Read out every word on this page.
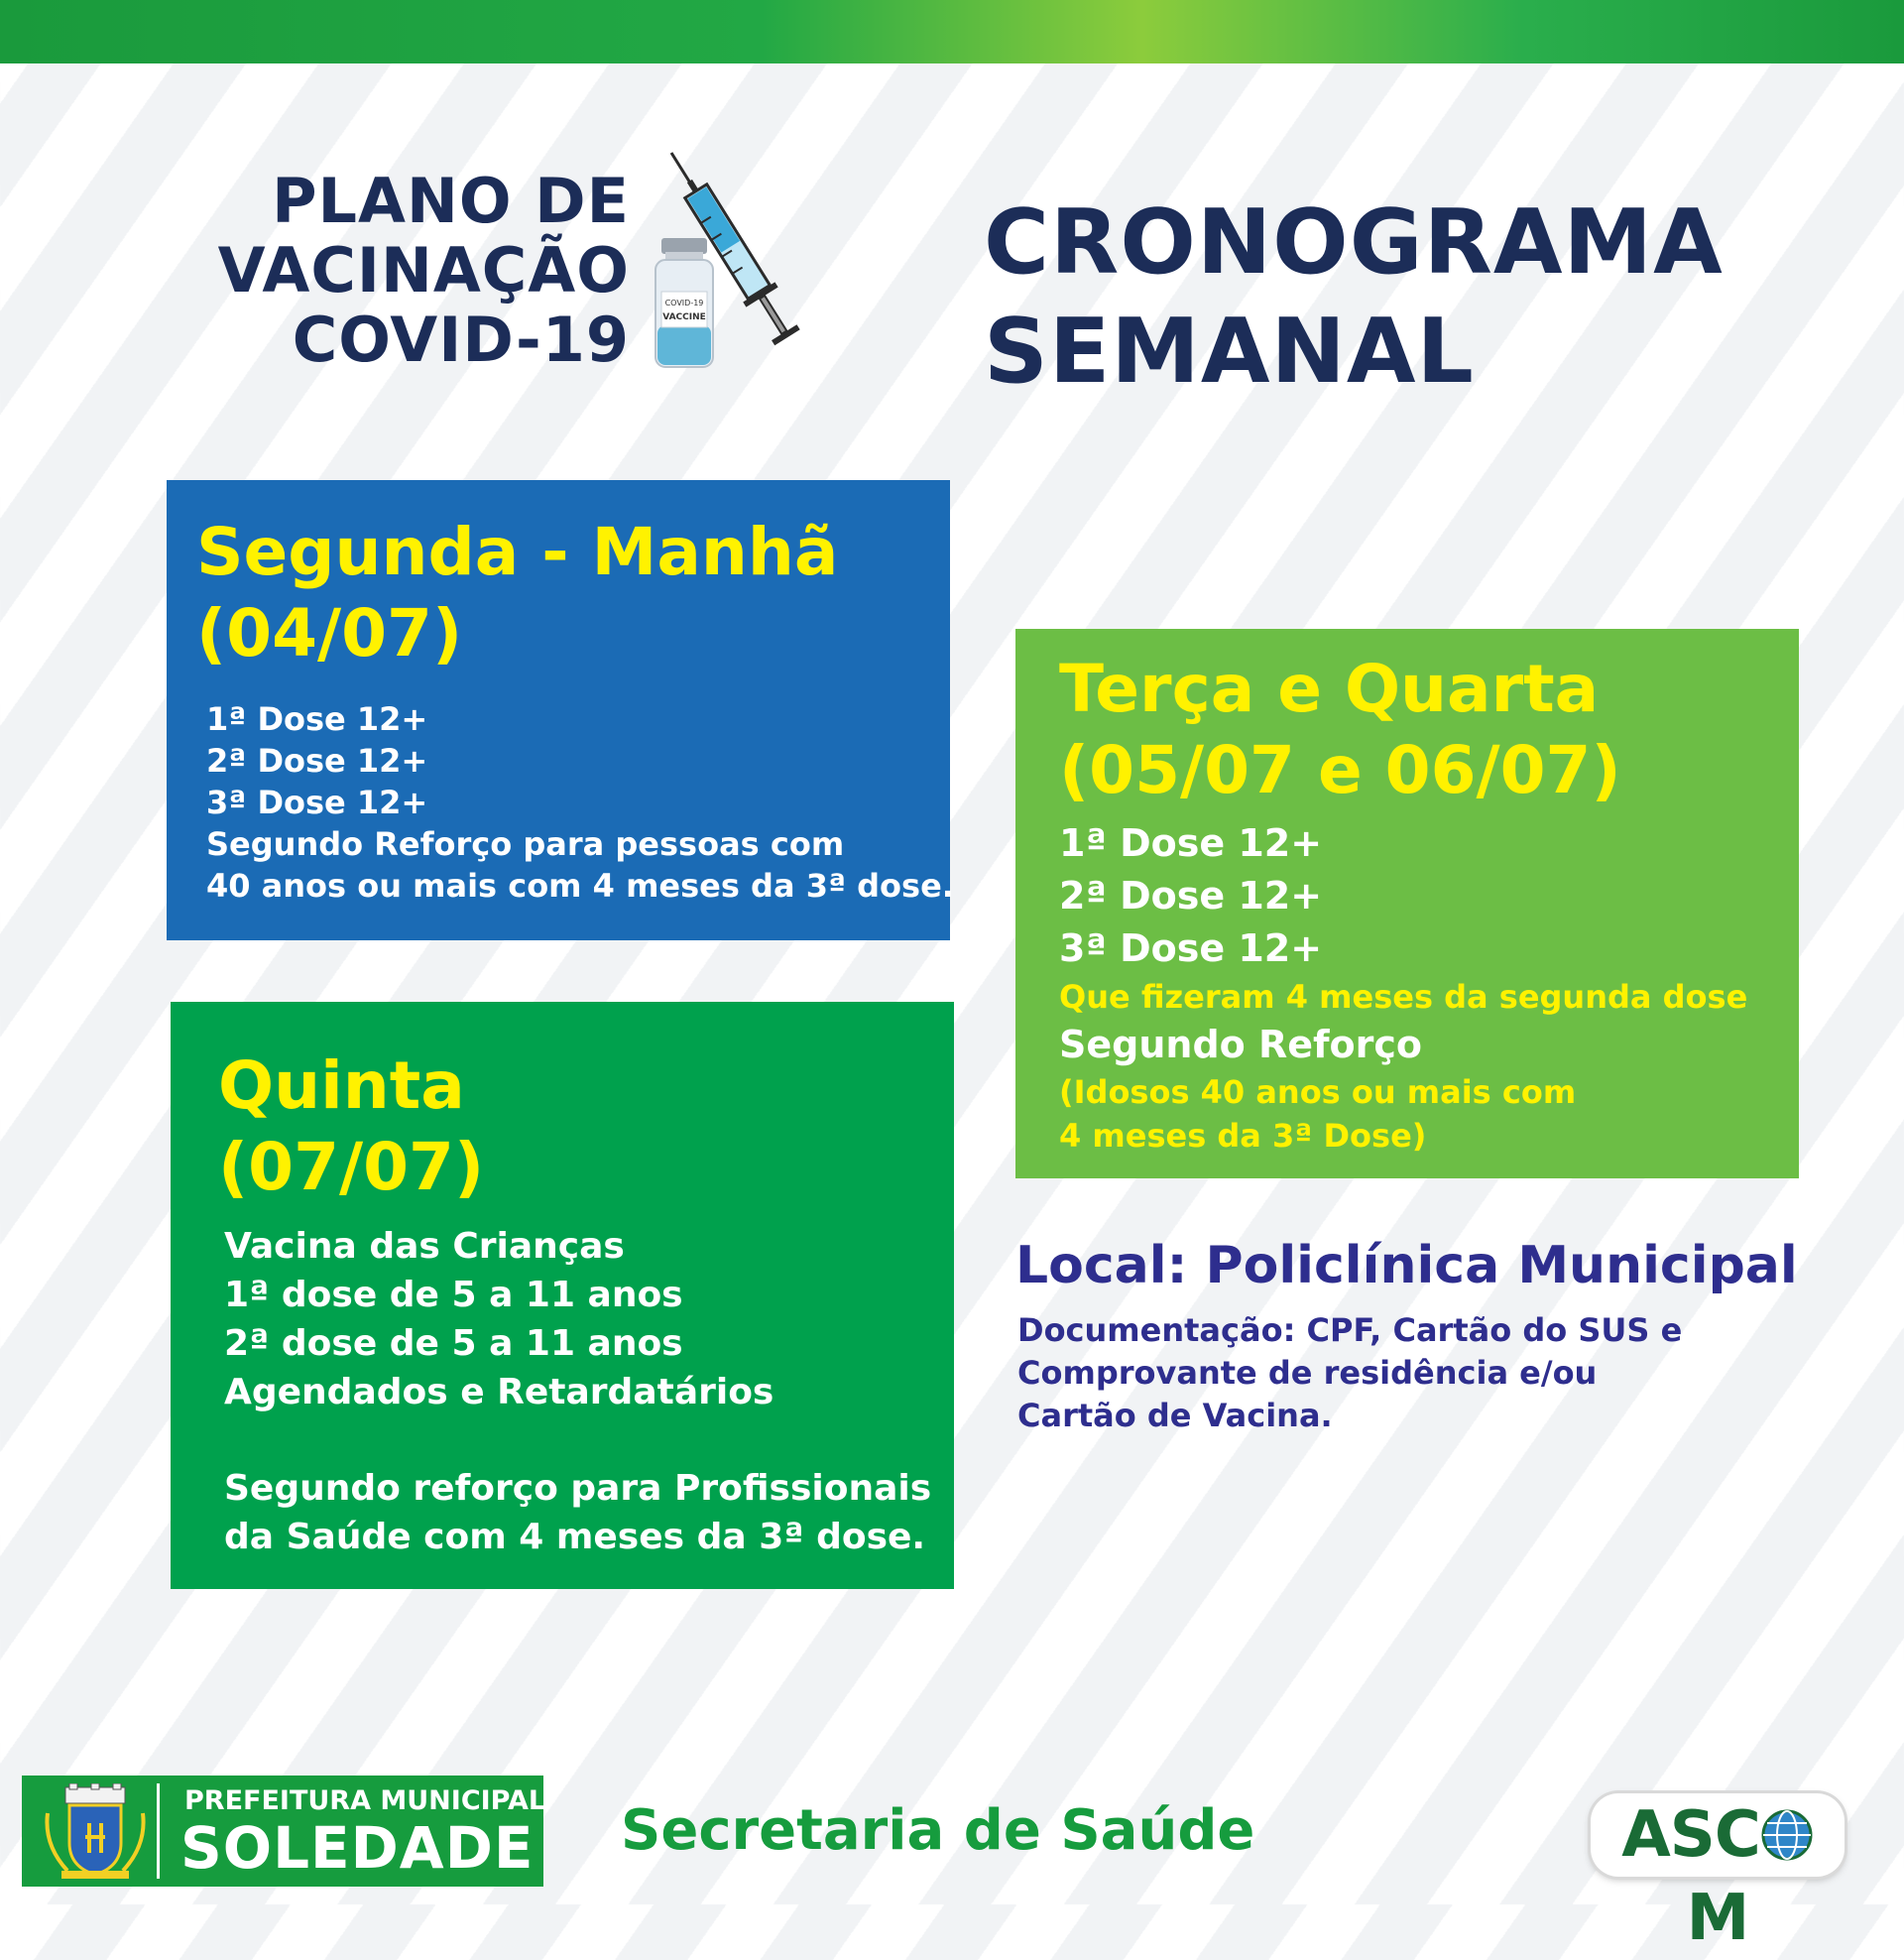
PLANO DE
VACINAÇÃO
COVID-19
COVID-19
VACCINE
CRONOGRAMA
SEMANAL
Segunda - Manhã
(04/07)
1ª Dose 12+
2ª Dose 12+
3ª Dose 12+
Segundo Reforço para pessoas com
40 anos ou mais com 4 meses da 3ª dose.
Terça e Quarta
(05/07 e 06/07)
1ª Dose 12+
2ª Dose 12+
3ª Dose 12+
Que fizeram 4 meses da segunda dose
Segundo Reforço
(Idosos 40 anos ou mais com
4 meses da 3ª Dose)
Quinta
(07/07)
Vacina das Crianças
1ª dose de 5 a 11 anos
2ª dose de 5 a 11 anos
Agendados e Retardatários
Segundo reforço para Profissionais
da Saúde com 4 meses da 3ª dose.
Local: Policlínica Municipal
Documentação: CPF, Cartão do SUS e
Comprovante de residência e/ou
Cartão de Vacina.
PREFEITURA MUNICIPAL
SOLEDADE Secretaria de Saúde	ASCM
